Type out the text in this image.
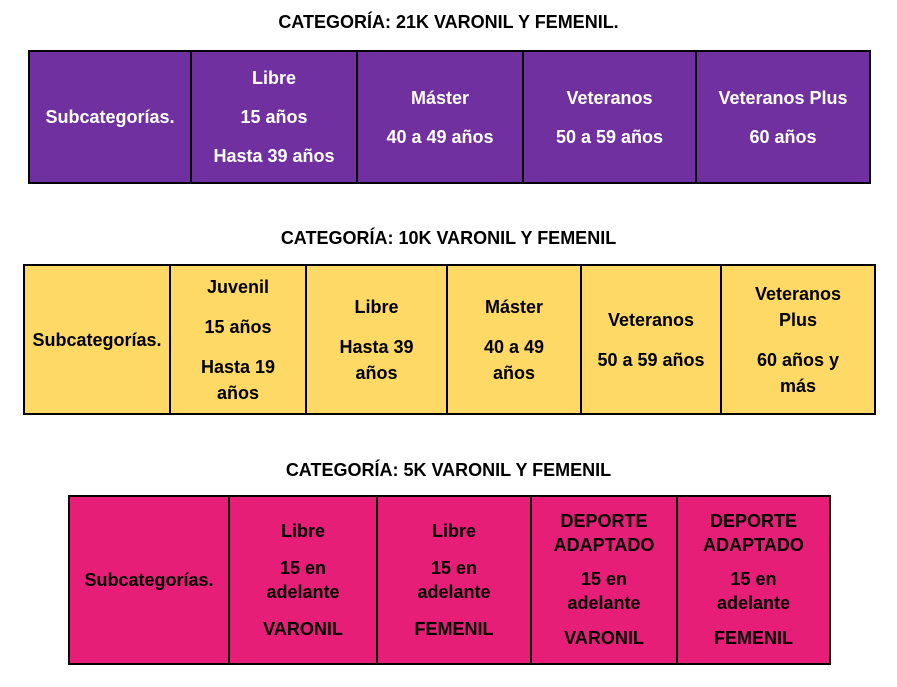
CATEGORÍA: 21K VARONIL Y FEMENIL.
Subcategorías.

Libre
15 años
Hasta 39 años

Máster
40 a 49 años

Veteranos
50 a 59 años

Veteranos Plus
60 años
CATEGORÍA: 10K VARONIL Y FEMENIL
Subcategorías.

Juvenil
15 años
Hasta 19 años

Libre
Hasta 39 años

Máster
40 a 49 años

Veteranos
50 a 59 años

Veteranos Plus
60 años y más
CATEGORÍA: 5K VARONIL Y FEMENIL
Subcategorías.

Libre
15 en adelante
VARONIL

Libre
15 en adelante
FEMENIL

DEPORTE ADAPTADO
15 en adelante
VARONIL

DEPORTE ADAPTADO
15 en adelante
FEMENIL
